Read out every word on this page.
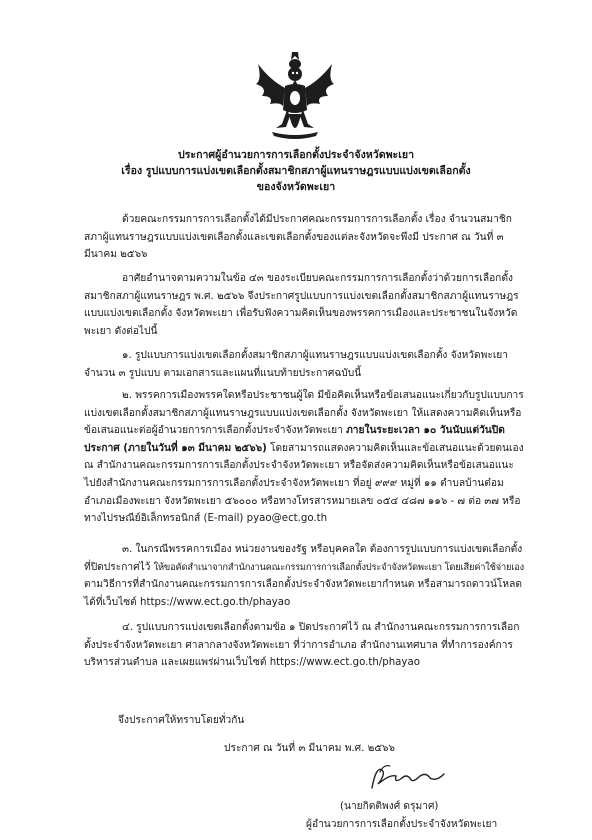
ประกาศผู้อำนวยการการเลือกตั้งประจำจังหวัดพะเยา

เรื่อง รูปแบบการแบ่งเขตเลือกตั้งสมาชิกสภาผู้แทนราษฎรแบบแบ่งเขตเลือกตั้ง

ของจังหวัดพะเยา

ด้วยคณะกรรมการการเลือกตั้งได้มีประกาศคณะกรรมการการเลือกตั้ง เรื่อง จำนวนสมาชิกสภาผู้แทนราษฎรแบบแบ่งเขตเลือกตั้งและเขตเลือกตั้งของแต่ละจังหวัดจะพึงมี ประกาศ ณ วันที่ ๓ มีนาคม ๒๕๖๖

อาศัยอำนาจตามความในข้อ ๔๓ ของระเบียบคณะกรรมการการเลือกตั้งว่าด้วยการเลือกตั้งสมาชิกสภาผู้แทนราษฎร พ.ศ. ๒๕๖๖ จึงประกาศรูปแบบการแบ่งเขตเลือกตั้งสมาชิกสภาผู้แทนราษฎรแบบแบ่งเขตเลือกตั้ง จังหวัดพะเยา เพื่อรับฟังความคิดเห็นของพรรคการเมืองและประชาชนในจังหวัดพะเยา ดังต่อไปนี้

๑. รูปแบบการแบ่งเขตเลือกตั้งสมาชิกสภาผู้แทนราษฎรแบบแบ่งเขตเลือกตั้ง จังหวัดพะเยา จำนวน ๓ รูปแบบ ตามเอกสารและแผนที่แนบท้ายประกาศฉบับนี้

๒. พรรคการเมืองพรรคใดหรือประชาชนผู้ใด มีข้อคิดเห็นหรือข้อเสนอแนะเกี่ยวกับรูปแบบการแบ่งเขตเลือกตั้งสมาชิกสภาผู้แทนราษฎรแบบแบ่งเขตเลือกตั้ง จังหวัดพะเยา ให้แสดงความคิดเห็นหรือข้อเสนอแนะต่อผู้อำนวยการการเลือกตั้งประจำจังหวัดพะเยา ภายในระยะเวลา ๑๐ วันนับแต่วันปิดประกาศ (ภายในวันที่ ๑๓ มีนาคม ๒๕๖๖) โดยสามารถแสดงความคิดเห็นและข้อเสนอแนะด้วยตนเอง ณ สำนักงานคณะกรรมการการเลือกตั้งประจำจังหวัดพะเยา หรือจัดส่งความคิดเห็นหรือข้อเสนอแนะไปยังสำนักงานคณะกรรมการการเลือกตั้งประจำจังหวัดพะเยา ที่อยู่ ๙๙๙ หมู่ที่ ๑๑ ตำบลบ้านต๋อม อำเภอเมืองพะเยา จังหวัดพะเยา ๕๖๐๐๐ หรือทางโทรสารหมายเลข ๐๕๔ ๔๘๗ ๑๑๖ - ๗ ต่อ ๓๗ หรือทางไปรษณีย์อิเล็กทรอนิกส์ (E-mail) pyao@ect.go.th

๓. ในกรณีพรรคการเมือง หน่วยงานของรัฐ หรือบุคคลใด ต้องการรูปแบบการแบ่งเขตเลือกตั้งที่ปิดประกาศไว้ ให้ขอคัดสำเนาจากสำนักงานคณะกรรมการการเลือกตั้งประจำจังหวัดพะเยา โดยเสียค่าใช้จ่ายเอง ตามวิธีการที่สำนักงานคณะกรรมการการเลือกตั้งประจำจังหวัดพะเยากำหนด หรือสามารถดาวน์โหลดได้ที่เว็บไซต์ https://www.ect.go.th/phayao

๔. รูปแบบการแบ่งเขตเลือกตั้งตามข้อ ๑ ปิดประกาศไว้ ณ สำนักงานคณะกรรมการการเลือกตั้งประจำจังหวัดพะเยา ศาลากลางจังหวัดพะเยา ที่ว่าการอำเภอ สำนักงานเทศบาล ที่ทำการองค์การบริหารส่วนตำบล และเผยแพร่ผ่านเว็บไซต์ https://www.ect.go.th/phayao

จึงประกาศให้ทราบโดยทั่วกัน

ประกาศ ณ วันที่ ๓ มีนาคม พ.ศ. ๒๕๖๖

(นายกิตติพงศ์ ดรุมาศ)

ผู้อำนวยการการเลือกตั้งประจำจังหวัดพะเยา
